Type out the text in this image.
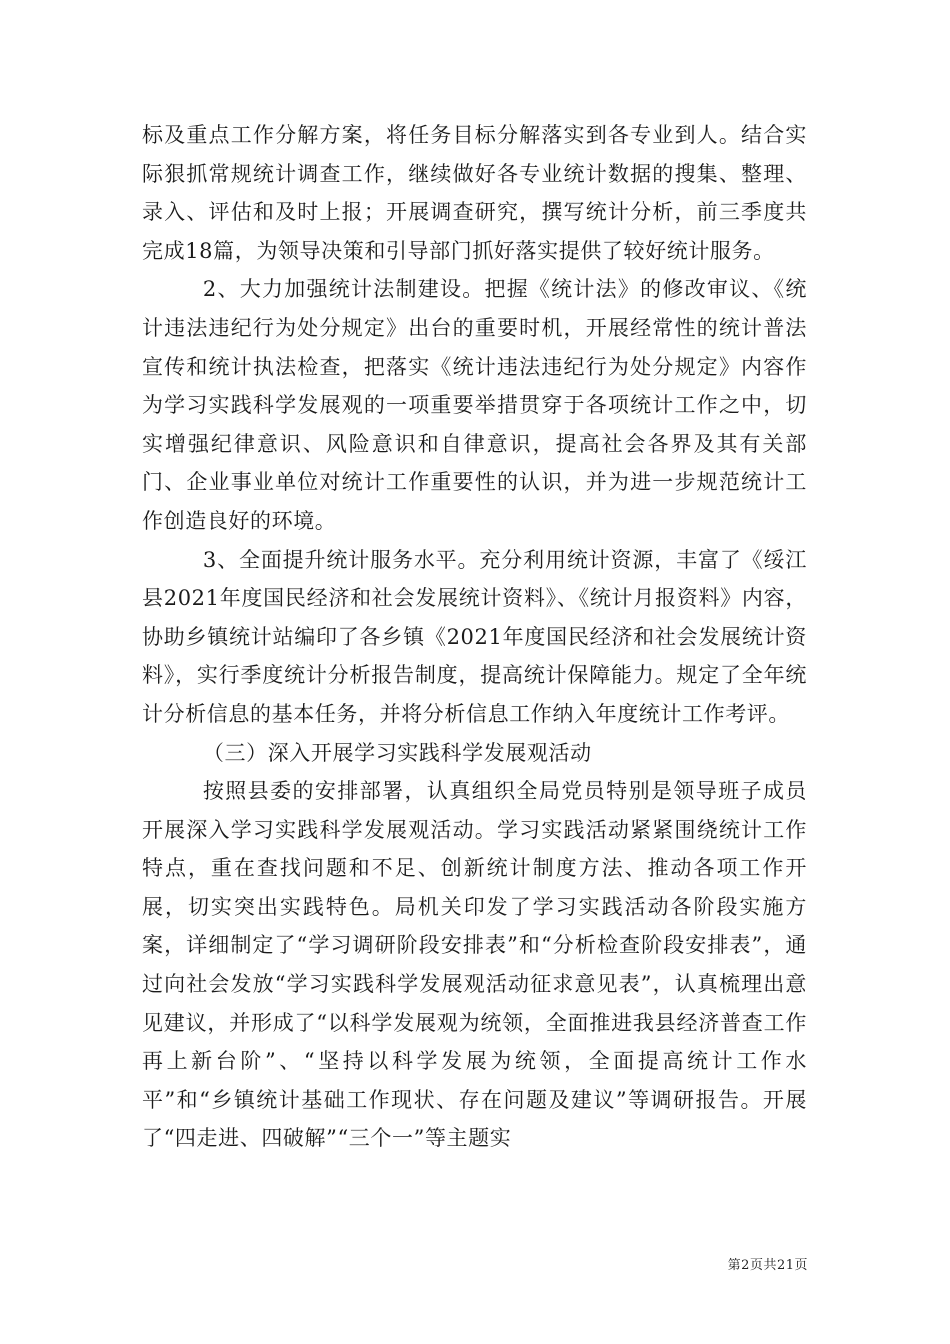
标及重点工作分解方案，将任务目标分解落实到各专业到人。结合实际狠抓常规统计调查工作，继续做好各专业统计数据的搜集、整理、录入、评估和及时上报；开展调查研究，撰写统计分析，前三季度共完成18篇，为领导决策和引导部门抓好落实提供了较好统计服务。

2、大力加强统计法制建设。把握《统计法》的修改审议、《统计违法违纪行为处分规定》出台的重要时机，开展经常性的统计普法宣传和统计执法检查，把落实《统计违法违纪行为处分规定》内容作为学习实践科学发展观的一项重要举措贯穿于各项统计工作之中，切实增强纪律意识、风险意识和自律意识，提高社会各界及其有关部门、企业事业单位对统计工作重要性的认识，并为进一步规范统计工作创造良好的环境。

3、全面提升统计服务水平。充分利用统计资源，丰富了《绥江县2021年度国民经济和社会发展统计资料》、《统计月报资料》内容，协助乡镇统计站编印了各乡镇《2021年度国民经济和社会发展统计资料》，实行季度统计分析报告制度，提高统计保障能力。规定了全年统计分析信息的基本任务，并将分析信息工作纳入年度统计工作考评。

（三）深入开展学习实践科学发展观活动

按照县委的安排部署，认真组织全局党员特别是领导班子成员开展深入学习实践科学发展观活动。学习实践活动紧紧围绕统计工作特点，重在查找问题和不足、创新统计制度方法、推动各项工作开展，切实突出实践特色。局机关印发了学习实践活动各阶段实施方案，详细制定了“学习调研阶段安排表”和“分析检查阶段安排表”，通过向社会发放“学习实践科学发展观活动征求意见表”，认真梳理出意见建议，并形成了“以科学发展观为统领，全面推进我县经济普查工作再上新台阶”、“坚持以科学发展为统领，全面提高统计工作水平”和“乡镇统计基础工作现状、存在问题及建议”等调研报告。开展了“四走进、四破解”“三个一”等主题实

第2页共21页
